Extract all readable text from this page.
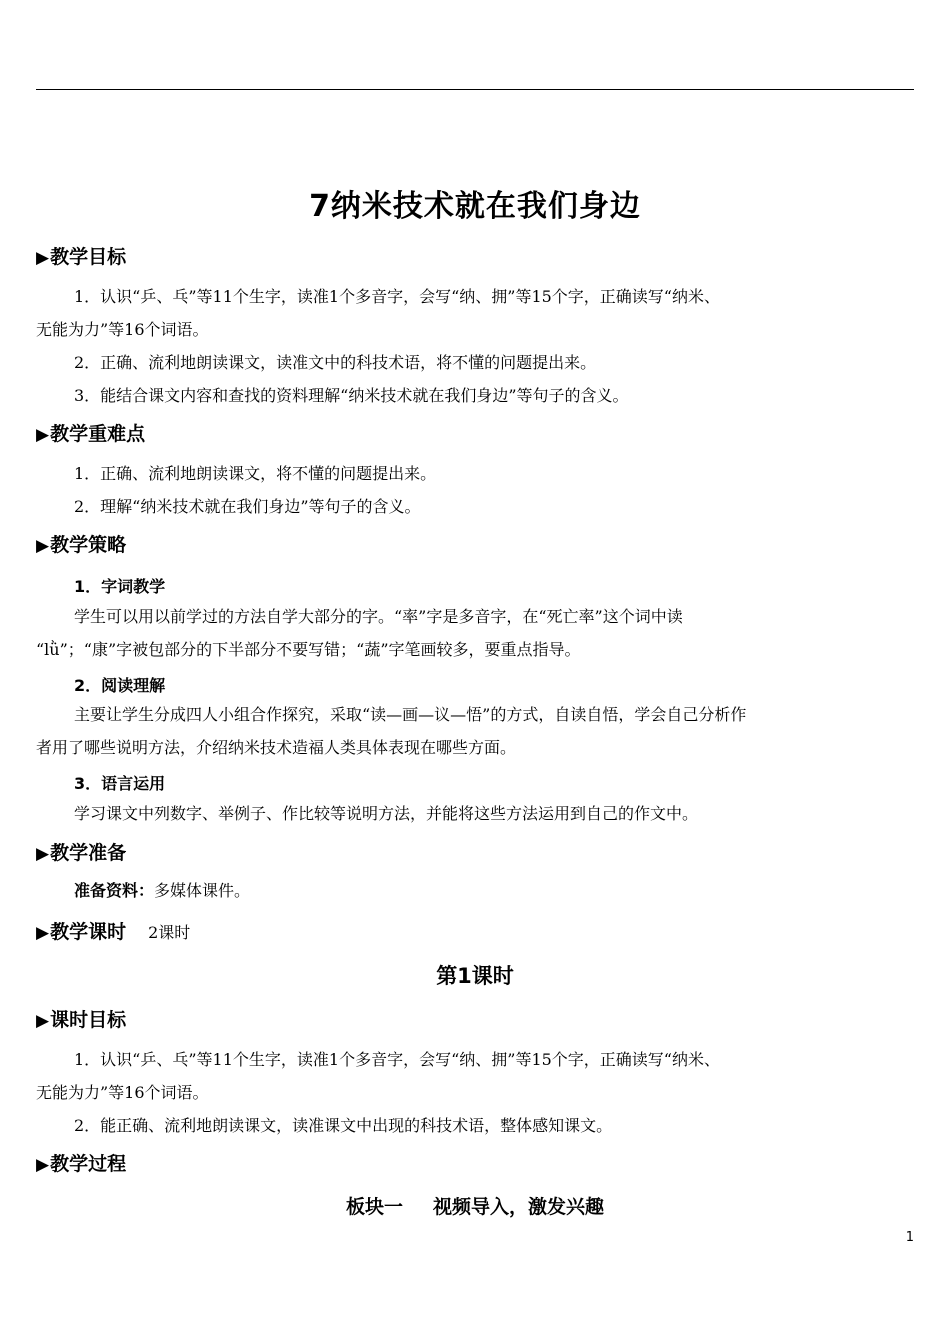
7纳米技术就在我们身边
▶教学目标
1．认识“乒、乓”等11个生字，读准1个多音字，会写“纳、拥”等15个字，正确读写“纳米、
无能为力”等16个词语。
2．正确、流利地朗读课文，读准文中的科技术语，将不懂的问题提出来。
3．能结合课文内容和查找的资料理解“纳米技术就在我们身边”等句子的含义。
▶教学重难点
1．正确、流利地朗读课文，将不懂的问题提出来。
2．理解“纳米技术就在我们身边”等句子的含义。
▶教学策略
1．字词教学
学生可以用以前学过的方法自学大部分的字。“率”字是多音字，在“死亡率”这个词中读
“lǜ”；“康”字被包部分的下半部分不要写错；“蔬”字笔画较多，要重点指导。
2．阅读理解
主要让学生分成四人小组合作探究，采取“读—画—议—悟”的方式，自读自悟，学会自己分析作
者用了哪些说明方法，介绍纳米技术造福人类具体表现在哪些方面。
3．语言运用
学习课文中列数字、举例子、作比较等说明方法，并能将这些方法运用到自己的作文中。
▶教学准备
准备资料：多媒体课件。
▶教学课时 2课时
第1课时
▶课时目标
1．认识“乒、乓”等11个生字，读准1个多音字，会写“纳、拥”等15个字，正确读写“纳米、
无能为力”等16个词语。
2．能正确、流利地朗读课文，读准课文中出现的科技术语，整体感知课文。
▶教学过程
板块一 视频导入，激发兴趣
1
